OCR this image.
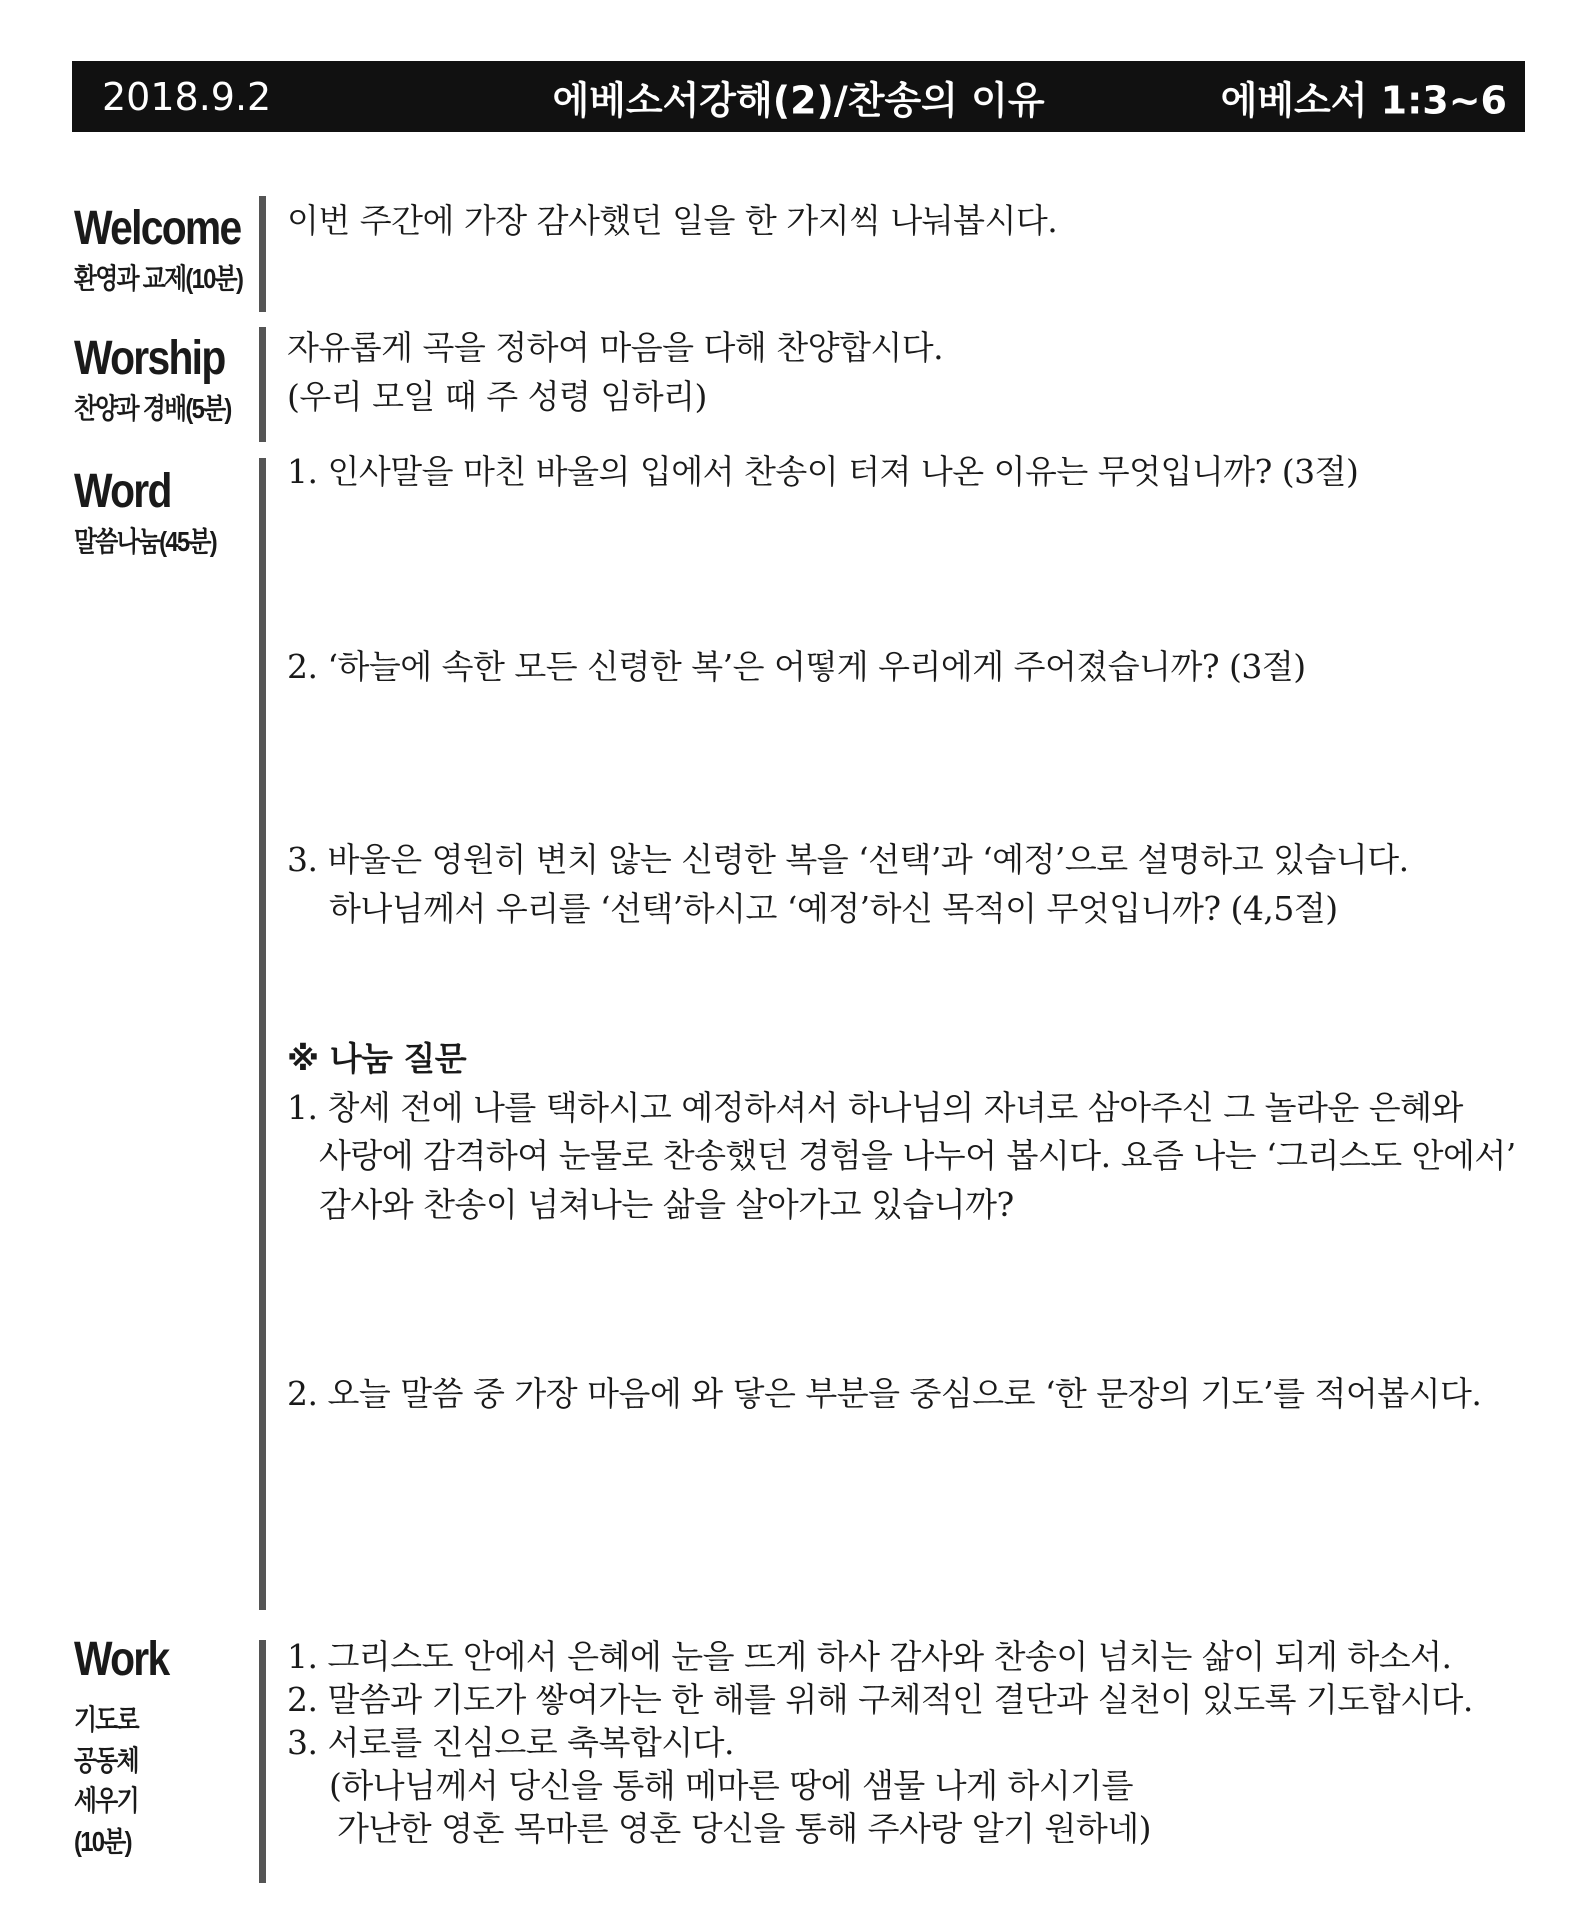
2018.9.2	에베소서강해(2)/찬송의 이유	에베소서 1:3~6
Welcome
환영과 교제(10분)
이번 주간에 가장 감사했던 일을 한 가지씩 나눠봅시다.
Worship
찬양과 경배(5분)
자유롭게 곡을 정하여 마음을 다해 찬양합시다.
(우리 모일 때 주 성령 임하리)
Word
말씀나눔(45분)
1. 인사말을 마친 바울의 입에서 찬송이 터져 나온 이유는 무엇입니까? (3절)
2. ‘하늘에 속한 모든 신령한 복’은 어떻게 우리에게 주어졌습니까? (3절)
3. 바울은 영원히 변치 않는 신령한 복을 ‘선택’과 ‘예정’으로 설명하고 있습니다.
하나님께서 우리를 ‘선택’하시고 ‘예정’하신 목적이 무엇입니까? (4,5절)
※ 나눔 질문
1. 창세 전에 나를 택하시고 예정하셔서 하나님의 자녀로 삼아주신 그 놀라운 은혜와
사랑에 감격하여 눈물로 찬송했던 경험을 나누어 봅시다. 요즘 나는 ‘그리스도 안에서’
감사와 찬송이 넘쳐나는 삶을 살아가고 있습니까?
2. 오늘 말씀 중 가장 마음에 와 닿은 부분을 중심으로 ‘한 문장의 기도’를 적어봅시다.
Work
기도로
공동체
세우기
(10분)
1. 그리스도 안에서 은혜에 눈을 뜨게 하사 감사와 찬송이 넘치는 삶이 되게 하소서.
2. 말씀과 기도가 쌓여가는 한 해를 위해 구체적인 결단과 실천이 있도록 기도합시다.
3. 서로를 진심으로 축복합시다.
(하나님께서 당신을 통해 메마른 땅에 샘물 나게 하시기를
가난한 영혼 목마른 영혼 당신을 통해 주사랑 알기 원하네)
